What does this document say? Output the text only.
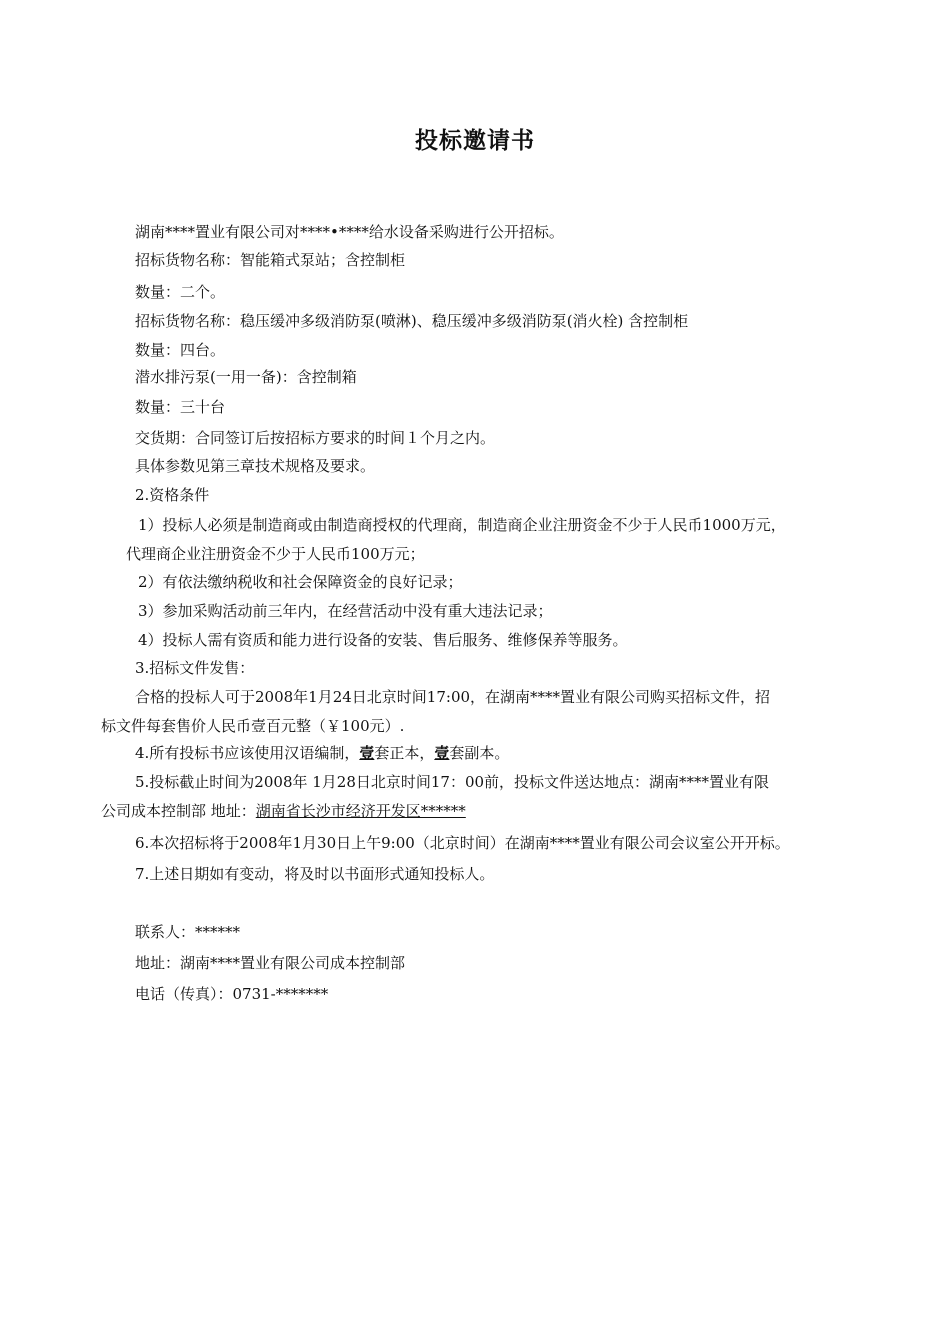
投标邀请书
湖南****置业有限公司对****•****给水设备采购进行公开招标。
招标货物名称：智能箱式泵站；含控制柜
数量：二个。
招标货物名称：稳压缓冲多级消防泵(喷淋)、稳压缓冲多级消防泵(消火栓) 含控制柜
数量：四台。
潜水排污泵(一用一备)：含控制箱
数量：三十台
交货期：合同签订后按招标方要求的时间１个月之内。
具体参数见第三章技术规格及要求。
2.资格条件
1）投标人必须是制造商或由制造商授权的代理商，制造商企业注册资金不少于人民币1000万元，
代理商企业注册资金不少于人民币100万元；
2）有依法缴纳税收和社会保障资金的良好记录；
3）参加采购活动前三年内，在经营活动中没有重大违法记录；
4）投标人需有资质和能力进行设备的安装、售后服务、维修保养等服务。
3.招标文件发售：
合格的投标人可于2008年1月24日北京时间17:00，在湖南****置业有限公司购买招标文件，招
标文件每套售价人民币壹百元整（￥100元）.
4.所有投标书应该使用汉语编制，壹套正本，壹套副本。
5.投标截止时间为2008年 1月28日北京时间17：00前，投标文件送达地点：湖南****置业有限
公司成本控制部 地址：湖南省长沙市经济开发区******
6.本次招标将于2008年1月30日上午9:00（北京时间）在湖南****置业有限公司会议室公开开标。
7.上述日期如有变动，将及时以书面形式通知投标人。
联系人：******
地址：湖南****置业有限公司成本控制部
电话（传真）：0731-*******
